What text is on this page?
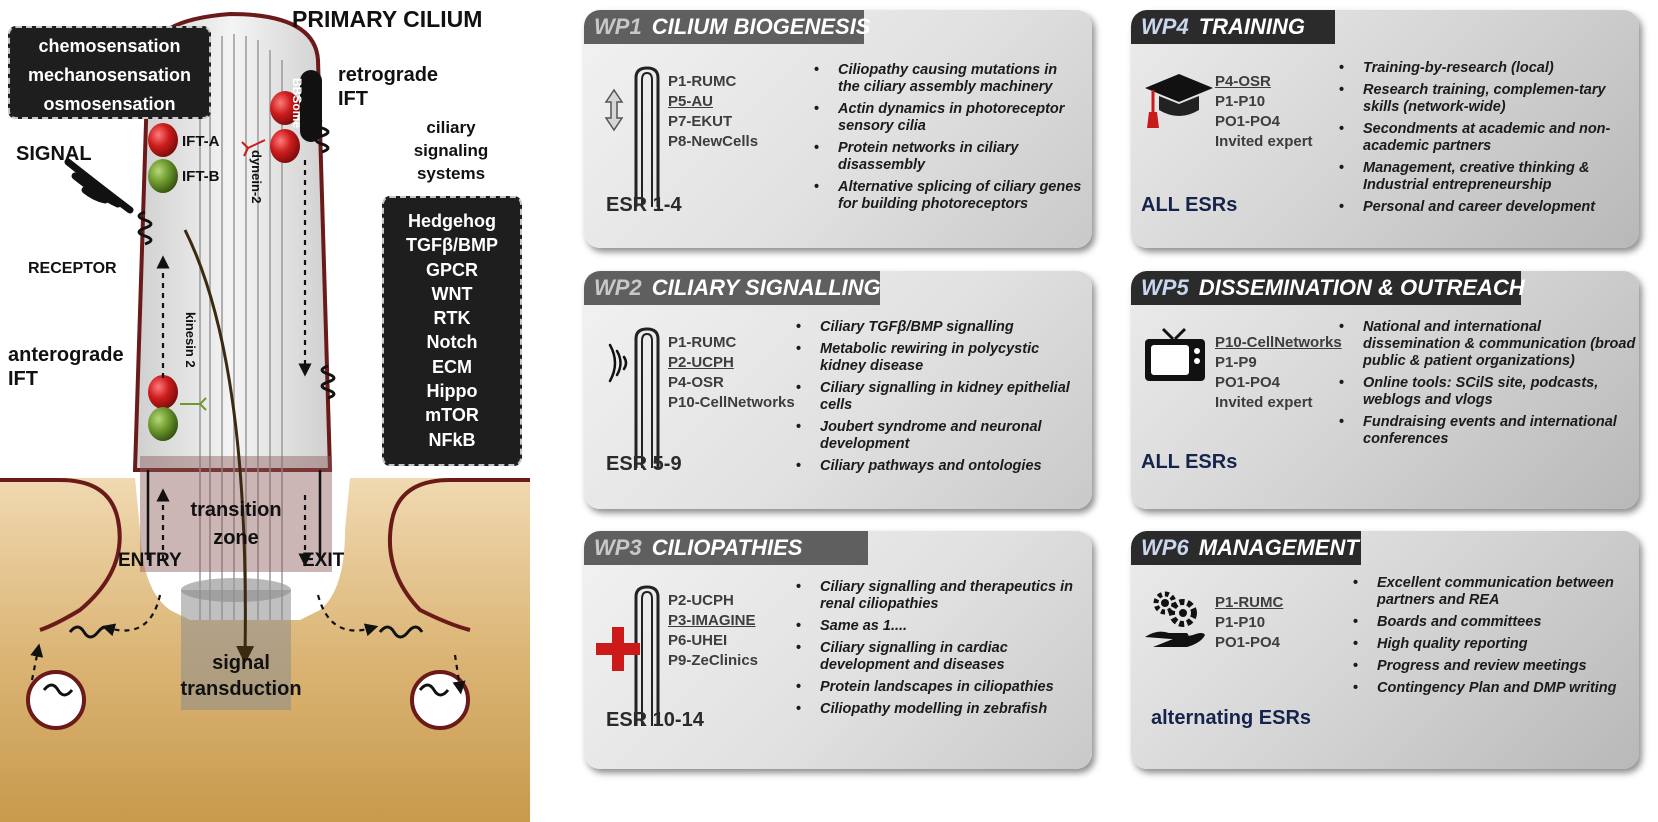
PRIMARY CILIUM
chemosensation
mechanosensation
osmosensation
SIGNAL
RECEPTOR
IFT-A
IFT-B
BBSome
dynein-2
kinesin 2
retrograde
IFT
anterograde
IFT
ciliary
signaling
systems
Hedgehog
TGFβ/BMP
GPCR
WNT
RTK
Notch
ECM
Hippo
mTOR
NFkB
transition
zone
ENTRY	EXIT
signal
transduction
WP1 CILIUM BIOGENESIS
P1-RUMC
P5-AU
P7-EKUT
P8-NewCells
ESR 1-4
• Ciliopathy causing mutations in the ciliary assembly machinery
• Actin dynamics in photoreceptor sensory cilia
• Protein networks in ciliary disassembly
• Alternative splicing of ciliary genes for building photoreceptors
WP2 CILIARY SIGNALLING
P1-RUMC
P2-UCPH
P4-OSR
P10-CellNetworks
ESR 5-9
• Ciliary TGFβ/BMP signalling
• Metabolic rewiring in polycystic kidney disease
• Ciliary signalling in kidney epithelial cells
• Joubert syndrome and neuronal development
• Ciliary pathways and ontologies
WP3 CILIOPATHIES
P2-UCPH
P3-IMAGINE
P6-UHEI
P9-ZeClinics
ESR 10-14
• Ciliary signalling and therapeutics in renal ciliopathies
• Same as 1....
• Ciliary signalling in cardiac development and diseases
• Protein landscapes in ciliopathies
• Ciliopathy modelling in zebrafish
WP4 TRAINING
P4-OSR
P1-P10
PO1-PO4
Invited expert
ALL ESRs
• Training-by-research (local)
• Research training, complemen-tary skills (network-wide)
• Secondments at academic and non-academic partners
• Management, creative thinking & Industrial entrepreneurship
• Personal and career development
WP5 DISSEMINATION & OUTREACH
P10-CellNetworks
P1-P9
PO1-PO4
Invited expert
ALL ESRs
• National and international dissemination & communication (broad public & patient organizations)
• Online tools: SCilS site, podcasts, weblogs and vlogs
• Fundraising events and international conferences
WP6 MANAGEMENT
P1-RUMC
P1-P10
PO1-PO4
alternating ESRs
• Excellent communication between partners and REA
• Boards and committees
• High quality reporting
• Progress and review meetings
• Contingency Plan and DMP writing
